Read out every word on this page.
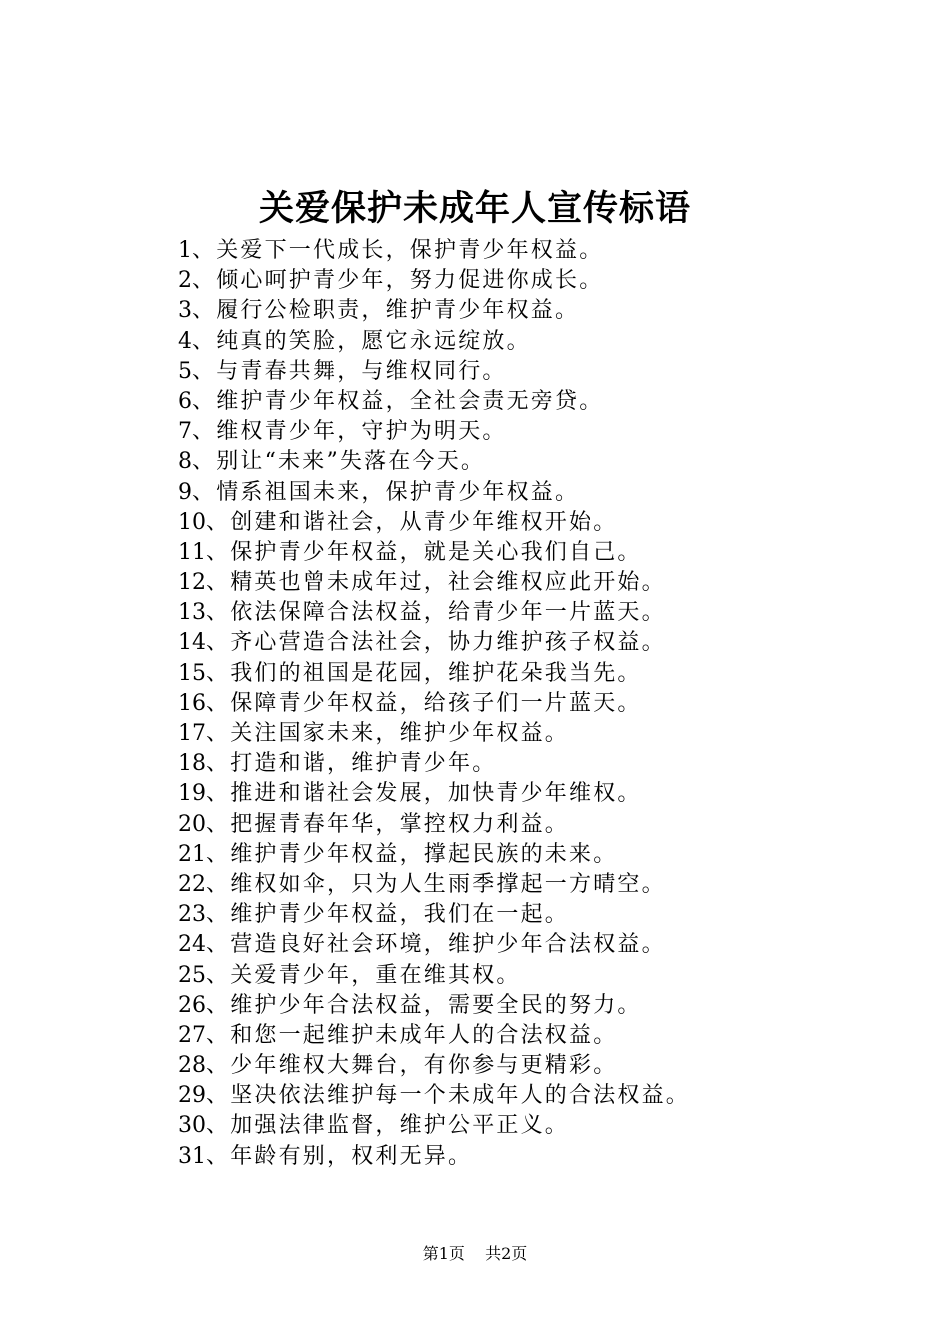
关爱保护未成年人宣传标语
1、关爱下一代成长，保护青少年权益。
2、倾心呵护青少年，努力促进你成长。
3、履行公检职责，维护青少年权益。
4、纯真的笑脸，愿它永远绽放。
5、与青春共舞，与维权同行。
6、维护青少年权益，全社会责无旁贷。
7、维权青少年，守护为明天。
8、别让“未来”失落在今天。
9、情系祖国未来，保护青少年权益。
10、创建和谐社会，从青少年维权开始。
11、保护青少年权益，就是关心我们自己。
12、精英也曾未成年过，社会维权应此开始。
13、依法保障合法权益，给青少年一片蓝天。
14、齐心营造合法社会，协力维护孩子权益。
15、我们的祖国是花园，维护花朵我当先。
16、保障青少年权益，给孩子们一片蓝天。
17、关注国家未来，维护少年权益。
18、打造和谐，维护青少年。
19、推进和谐社会发展，加快青少年维权。
20、把握青春年华，掌控权力利益。
21、维护青少年权益，撑起民族的未来。
22、维权如伞，只为人生雨季撑起一方晴空。
23、维护青少年权益，我们在一起。
24、营造良好社会环境，维护少年合法权益。
25、关爱青少年，重在维其权。
26、维护少年合法权益，需要全民的努力。
27、和您一起维护未成年人的合法权益。
28、少年维权大舞台，有你参与更精彩。
29、坚决依法维护每一个未成年人的合法权益。
30、加强法律监督，维护公平正义。
31、年龄有别，权利无异。
第1页 共2页
